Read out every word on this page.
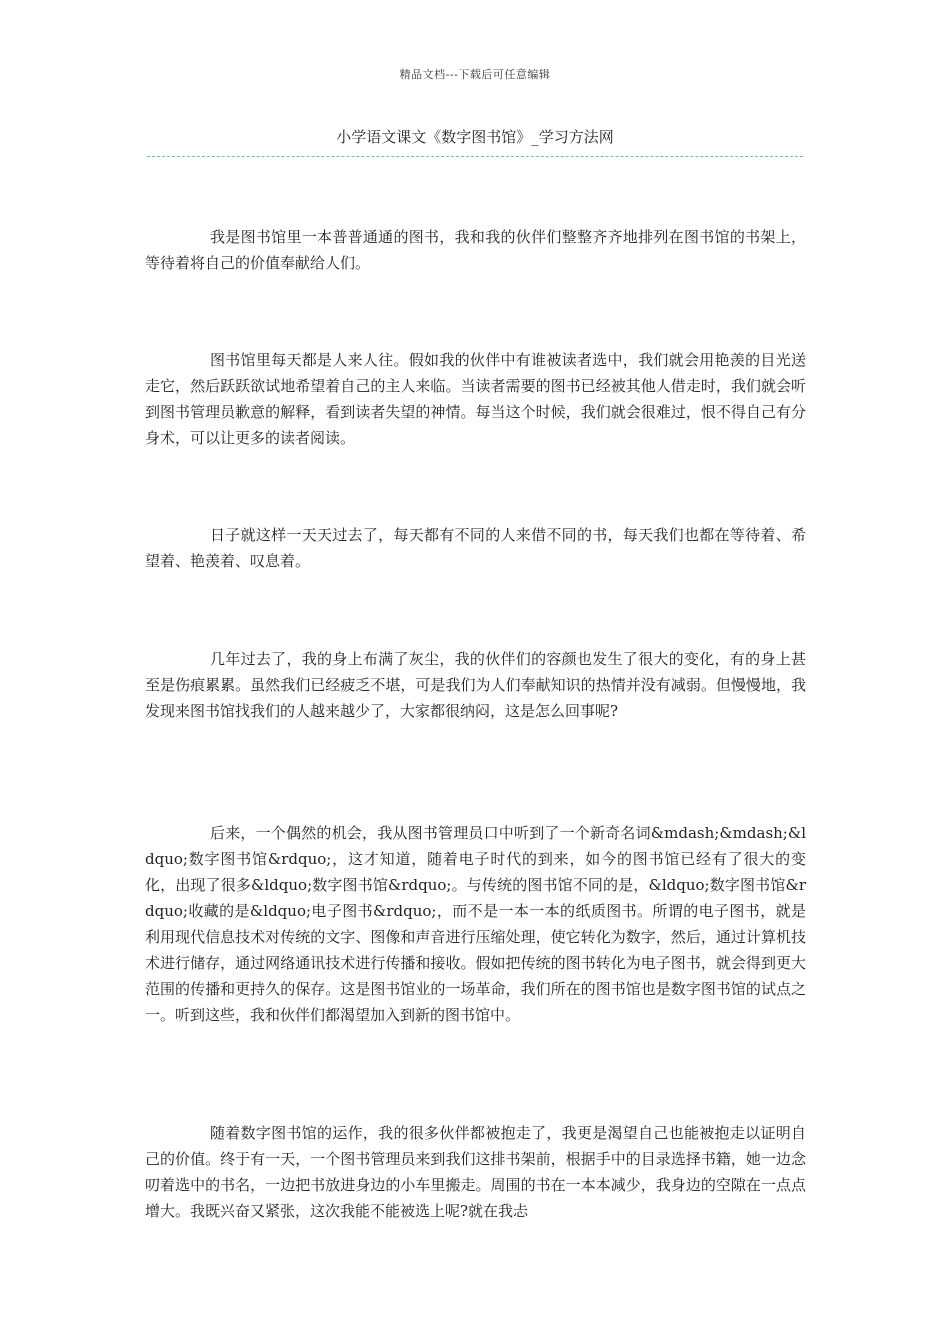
精品文档---下载后可任意编辑
小学语文课文《数字图书馆》_学习方法网

我是图书馆里一本普普通通的图书，我和我的伙伴们整整齐齐地排列在图书馆的书架上，等待着将自己的价值奉献给人们。

图书馆里每天都是人来人往。假如我的伙伴中有谁被读者选中，我们就会用艳羡的目光送走它，然后跃跃欲试地希望着自己的主人来临。当读者需要的图书已经被其他人借走时，我们就会听到图书管理员歉意的解释，看到读者失望的神情。每当这个时候，我们就会很难过，恨不得自己有分身术，可以让更多的读者阅读。

日子就这样一天天过去了，每天都有不同的人来借不同的书，每天我们也都在等待着、希望着、艳羡着、叹息着。

几年过去了，我的身上布满了灰尘，我的伙伴们的容颜也发生了很大的变化，有的身上甚至是伤痕累累。虽然我们已经疲乏不堪，可是我们为人们奉献知识的热情并没有减弱。但慢慢地，我发现来图书馆找我们的人越来越少了，大家都很纳闷，这是怎么回事呢?

后来，一个偶然的机会，我从图书管理员口中听到了一个新奇名词&mdash;&mdash;&ldquo;数字图书馆&rdquo;，这才知道，随着电子时代的到来，如今的图书馆已经有了很大的变化，出现了很多&ldquo;数字图书馆&rdquo;。与传统的图书馆不同的是，&ldquo;数字图书馆&rdquo;收藏的是&ldquo;电子图书&rdquo;，而不是一本一本的纸质图书。所谓的电子图书，就是利用现代信息技术对传统的文字、图像和声音进行压缩处理，使它转化为数字，然后，通过计算机技术进行储存，通过网络通讯技术进行传播和接收。假如把传统的图书转化为电子图书，就会得到更大范围的传播和更持久的保存。这是图书馆业的一场革命，我们所在的图书馆也是数字图书馆的试点之一。听到这些，我和伙伴们都渴望加入到新的图书馆中。

随着数字图书馆的运作，我的很多伙伴都被抱走了，我更是渴望自己也能被抱走以证明自己的价值。终于有一天，一个图书管理员来到我们这排书架前，根据手中的目录选择书籍，她一边念叨着选中的书名，一边把书放进身边的小车里搬走。周围的书在一本本减少，我身边的空隙在一点点增大。我既兴奋又紧张，这次我能不能被选上呢?就在我忐
